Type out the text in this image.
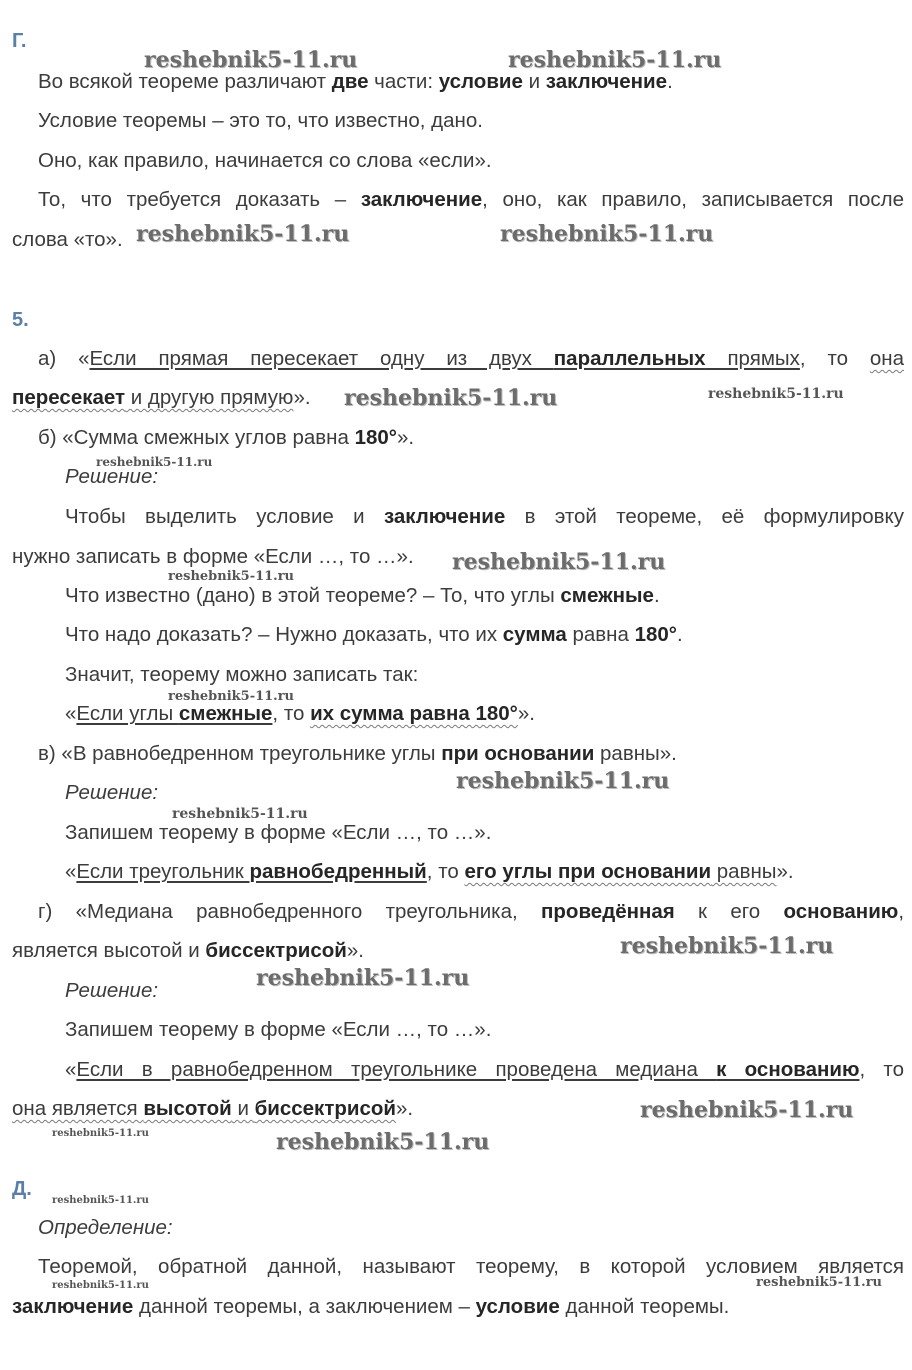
Г.
Во всякой теореме различают две части: условие и заключение.
Условие теоремы – это то, что известно, дано.
Оно, как правило, начинается со слова «если».
То, что требуется доказать – заключение, оно, как правило, записывается после
слова «то».
5.
а) «Если прямая пересекает одну из двух параллельных прямых, то она
пересекает и другую прямую».
б) «Сумма смежных углов равна 180°».
Решение:
Чтобы выделить условие и заключение в этой теореме, её формулировку
нужно записать в форме «Если …, то …».
Что известно (дано) в этой теореме? – То, что углы смежные.
Что надо доказать? – Нужно доказать, что их сумма равна 180°.
Значит, теорему можно записать так:
«Если углы смежные, то их сумма равна 180°».
в) «В равнобедренном треугольнике углы при основании равны».
Решение:
Запишем теорему в форме «Если …, то …».
«Если треугольник равнобедренный, то его углы при основании равны».
г) «Медиана равнобедренного треугольника, проведённая к его основанию,
является высотой и биссектрисой».
Решение:
Запишем теорему в форме «Если …, то …».
«Если в равнобедренном треугольнике проведена медиана к основанию, то
она является высотой и биссектрисой».
Д.
Определение:
Теоремой, обратной данной, называют теорему, в которой условием является
заключение данной теоремы, а заключением – условие данной теоремы.
reshebnik5-11.ru	reshebnik5-11.ru
reshebnik5-11.ru	reshebnik5-11.ru
reshebnik5-11.ru	reshebnik5-11.ru
reshebnik5-11.ru
reshebnik5-11.ru
reshebnik5-11.ru
reshebnik5-11.ru
reshebnik5-11.ru
reshebnik5-11.ru
reshebnik5-11.ru
reshebnik5-11.ru
reshebnik5-11.ru
reshebnik5-11.ru	reshebnik5-11.ru
reshebnik5-11.ru
reshebnik5-11.ru	reshebnik5-11.ru
